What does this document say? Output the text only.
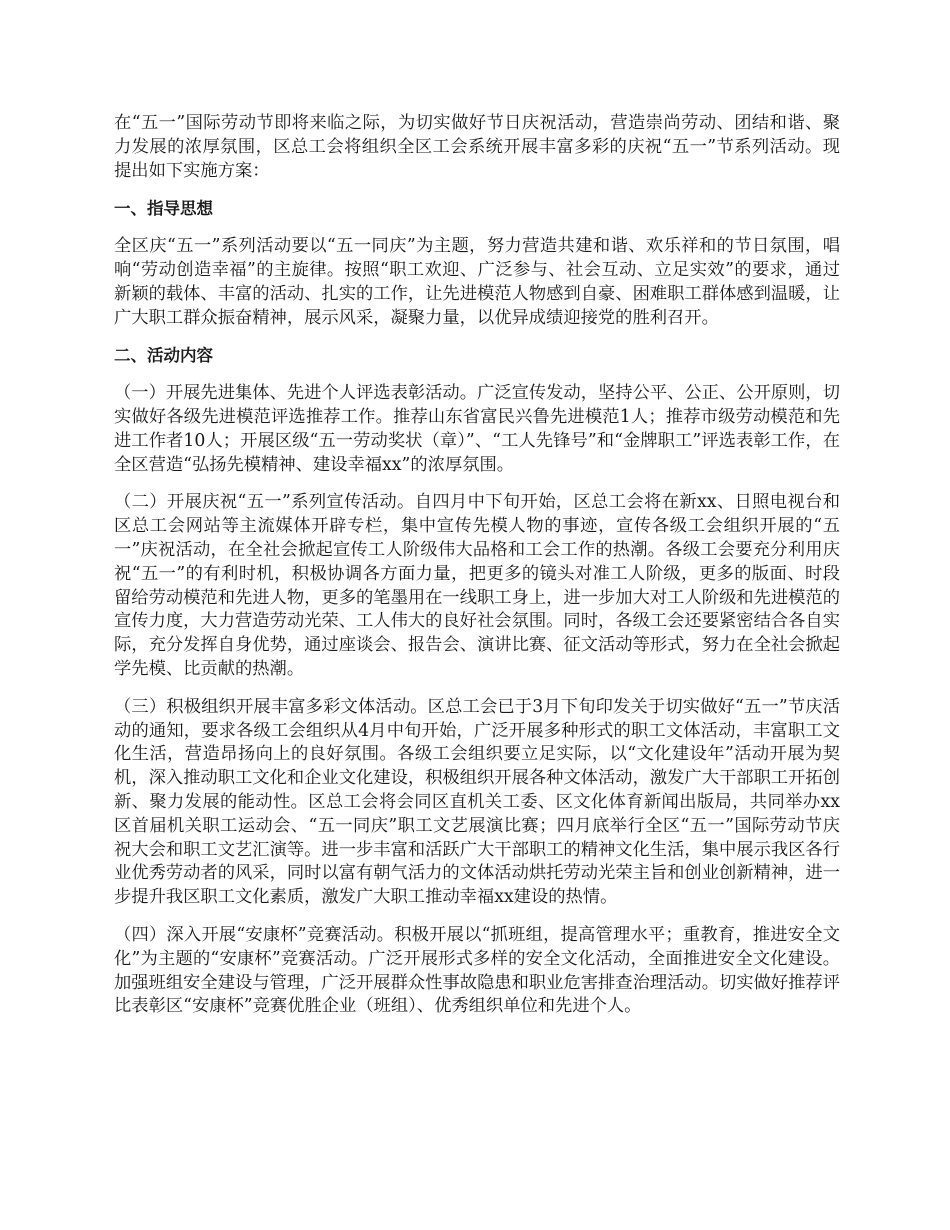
在“五一”国际劳动节即将来临之际，为切实做好节日庆祝活动，营造崇尚劳动、团结和谐、聚力发展的浓厚氛围，区总工会将组织全区工会系统开展丰富多彩的庆祝“五一”节系列活动。现提出如下实施方案：

一、指导思想

全区庆“五一”系列活动要以“五一同庆”为主题，努力营造共建和谐、欢乐祥和的节日氛围，唱响“劳动创造幸福”的主旋律。按照“职工欢迎、广泛参与、社会互动、立足实效”的要求，通过新颖的载体、丰富的活动、扎实的工作，让先进模范人物感到自豪、困难职工群体感到温暖，让广大职工群众振奋精神，展示风采，凝聚力量，以优异成绩迎接党的胜利召开。

二、活动内容

（一）开展先进集体、先进个人评选表彰活动。广泛宣传发动，坚持公平、公正、公开原则，切实做好各级先进模范评选推荐工作。推荐山东省富民兴鲁先进模范1人；推荐市级劳动模范和先进工作者10人；开展区级“五一劳动奖状（章）”、“工人先锋号”和“金牌职工”评选表彰工作，在全区营造“弘扬先模精神、建设幸福xx”的浓厚氛围。

（二）开展庆祝“五一”系列宣传活动。自四月中下旬开始，区总工会将在新xx、日照电视台和区总工会网站等主流媒体开辟专栏，集中宣传先模人物的事迹，宣传各级工会组织开展的“五一”庆祝活动，在全社会掀起宣传工人阶级伟大品格和工会工作的热潮。各级工会要充分利用庆祝“五一”的有利时机，积极协调各方面力量，把更多的镜头对准工人阶级，更多的版面、时段留给劳动模范和先进人物，更多的笔墨用在一线职工身上，进一步加大对工人阶级和先进模范的宣传力度，大力营造劳动光荣、工人伟大的良好社会氛围。同时，各级工会还要紧密结合各自实际，充分发挥自身优势，通过座谈会、报告会、演讲比赛、征文活动等形式，努力在全社会掀起学先模、比贡献的热潮。

（三）积极组织开展丰富多彩文体活动。区总工会已于3月下旬印发关于切实做好“五一”节庆活动的通知，要求各级工会组织从4月中旬开始，广泛开展多种形式的职工文体活动，丰富职工文化生活，营造昂扬向上的良好氛围。各级工会组织要立足实际，以“文化建设年”活动开展为契机，深入推动职工文化和企业文化建设，积极组织开展各种文体活动，激发广大干部职工开拓创新、聚力发展的能动性。区总工会将会同区直机关工委、区文化体育新闻出版局，共同举办xx区首届机关职工运动会、“五一同庆”职工文艺展演比赛；四月底举行全区“五一”国际劳动节庆祝大会和职工文艺汇演等。进一步丰富和活跃广大干部职工的精神文化生活，集中展示我区各行业优秀劳动者的风采，同时以富有朝气活力的文体活动烘托劳动光荣主旨和创业创新精神，进一步提升我区职工文化素质，激发广大职工推动幸福xx建设的热情。

（四）深入开展“安康杯”竞赛活动。积极开展以“抓班组，提高管理水平；重教育，推进安全文化”为主题的“安康杯”竞赛活动。广泛开展形式多样的安全文化活动，全面推进安全文化建设。加强班组安全建设与管理，广泛开展群众性事故隐患和职业危害排查治理活动。切实做好推荐评比表彰区“安康杯”竞赛优胜企业（班组）、优秀组织单位和先进个人。
